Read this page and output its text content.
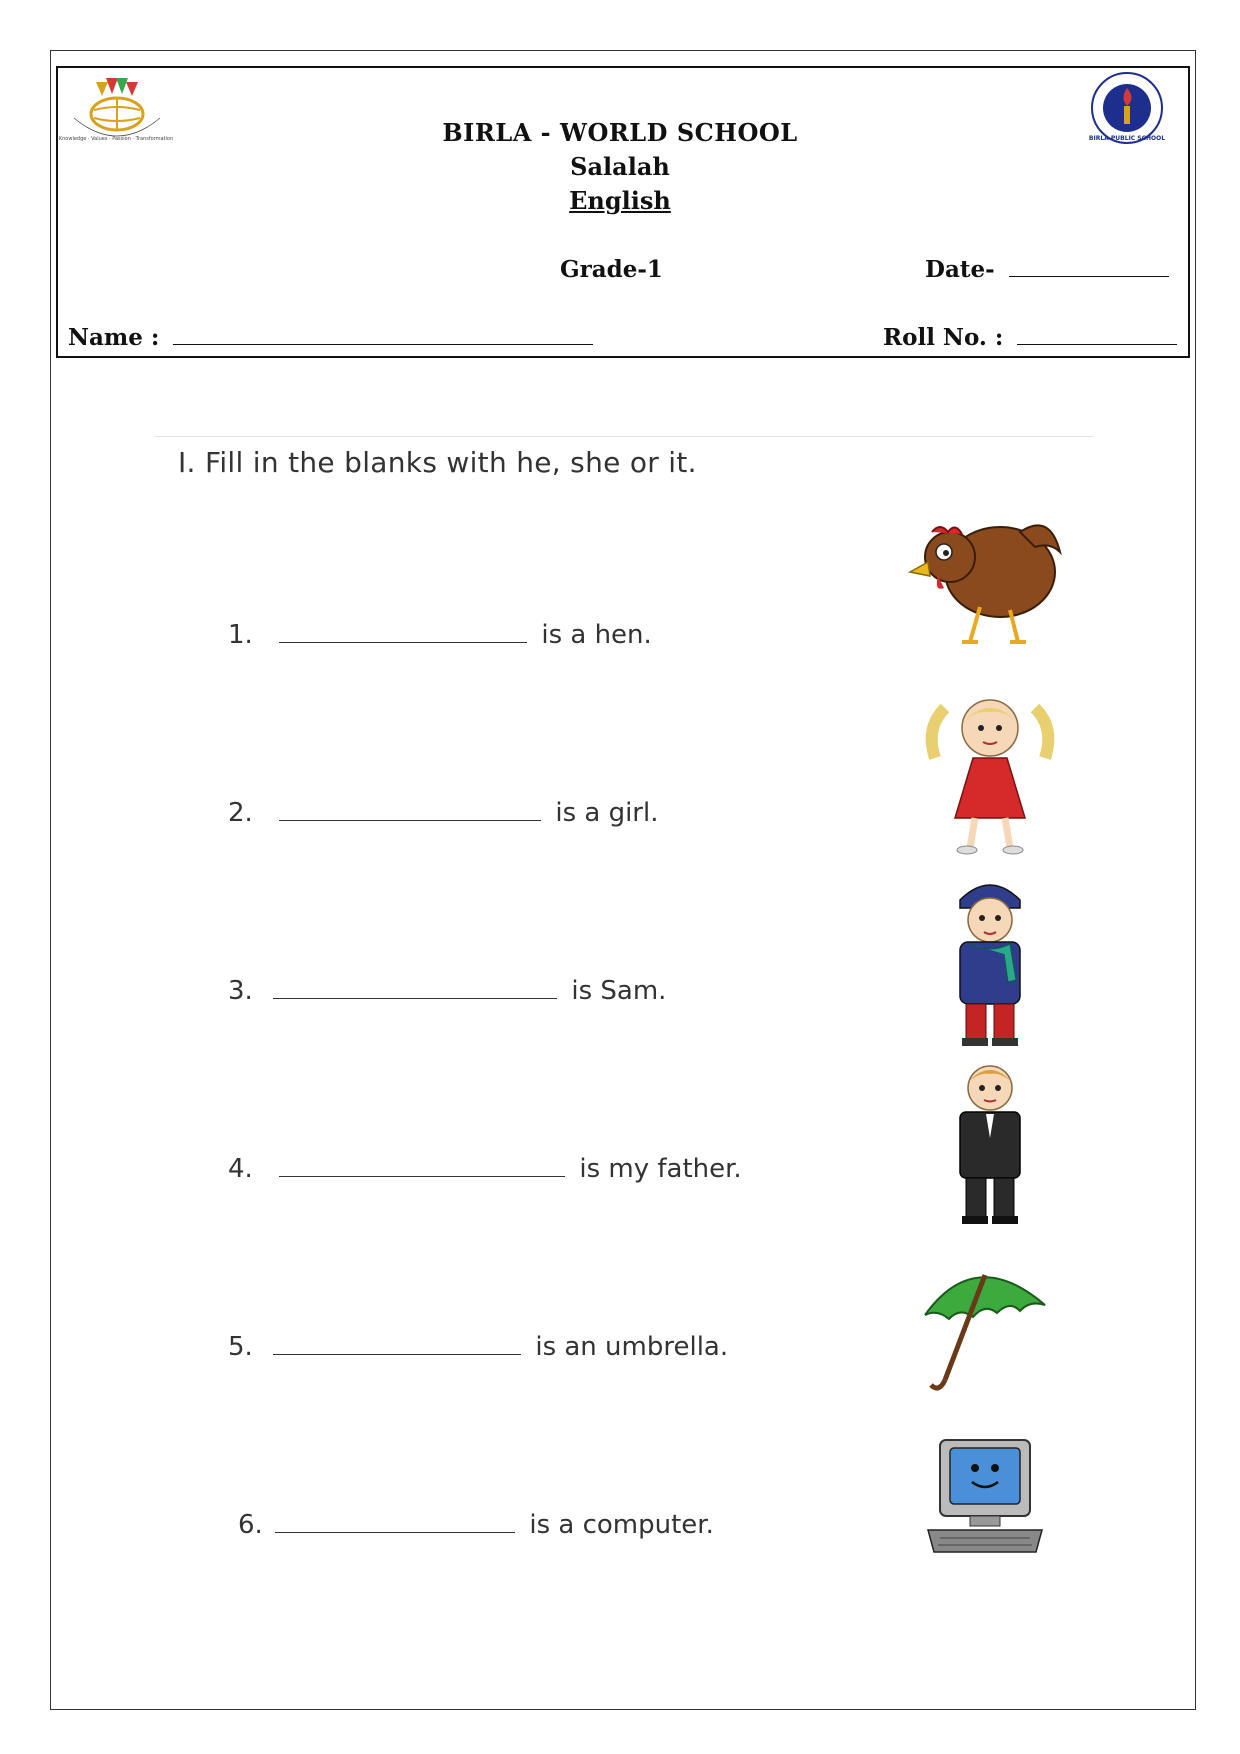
Knowledge · Values · Passion · Transformation	BIRLA PUBLIC SCHOOL
BIRLA - WORLD SCHOOL
Salalah
English
Grade-1	Date-
Name :	Roll No. :
I. Fill in the blanks with he, she or it.
1.	is a hen.
2.	is a girl.
3.	is Sam.
4.	is my father.
5.	is an umbrella.
6.	is a computer.
